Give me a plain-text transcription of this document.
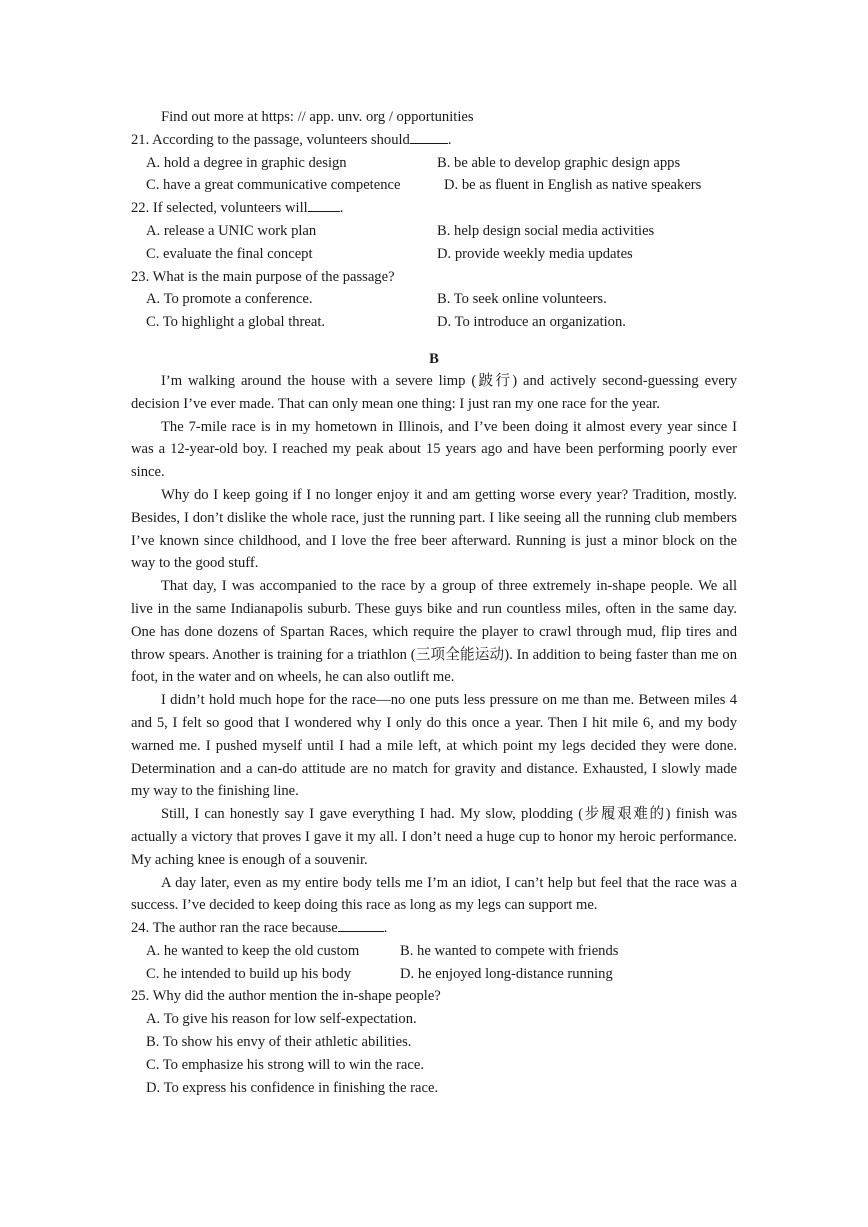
Find out more at https: // app. unv. org / opportunities
21. According to the passage, volunteers should	.
A. hold a degree in graphic design	B. be able to develop graphic design apps
C. have a great communicative competence	D. be as fluent in English as native speakers
22. If selected, volunteers will .
A. release a UNIC work plan	B. help design social media activities
C. evaluate the final concept	D. provide weekly media updates
23. What is the main purpose of the passage?
A. To promote a conference.	B. To seek online volunteers.
C. To highlight a global threat.	D. To introduce an organization.
B

I’m walking around the house with a severe limp (跛行) and actively second-guessing every decision I’ve ever made. That can only mean one thing: I just ran my one race for the year.

The 7-mile race is in my hometown in Illinois, and I’ve been doing it almost every year since I was a 12-year-old boy. I reached my peak about 15 years ago and have been performing poorly ever since.

Why do I keep going if I no longer enjoy it and am getting worse every year? Tradition, mostly. Besides, I don’t dislike the whole race, just the running part. I like seeing all the running club members I’ve known since childhood, and I love the free beer afterward. Running is just a minor block on the way to the good stuff.

That day, I was accompanied to the race by a group of three extremely in-shape people. We all live in the same Indianapolis suburb. These guys bike and run countless miles, often in the same day. One has done dozens of Spartan Races, which require the player to crawl through mud, flip tires and throw spears. Another is training for a triathlon (三项全能运动). In addition to being faster than me on foot, in the water and on wheels, he can also outlift me.

I didn’t hold much hope for the race—no one puts less pressure on me than me. Between miles 4 and 5, I felt so good that I wondered why I only do this once a year. Then I hit mile 6, and my body warned me. I pushed myself until I had a mile left, at which point my legs decided they were done. Determination and a can-do attitude are no match for gravity and distance. Exhausted, I slowly made my way to the finishing line.

Still, I can honestly say I gave everything I had. My slow, plodding (步履艰难的) finish was actually a victory that proves I gave it my all. I don’t need a huge cup to honor my heroic performance. My aching knee is enough of a souvenir.

A day later, even as my entire body tells me I’m an idiot, I can’t help but feel that the race was a success. I’ve decided to keep doing this race as long as my legs can support me.

24. The author ran the race because	.
A. he wanted to keep the old custom	B. he wanted to compete with friends
C. he intended to build up his body	D. he enjoyed long-distance running
25. Why did the author mention the in-shape people?
A. To give his reason for low self-expectation.
B. To show his envy of their athletic abilities.
C. To emphasize his strong will to win the race.
D. To express his confidence in finishing the race.
